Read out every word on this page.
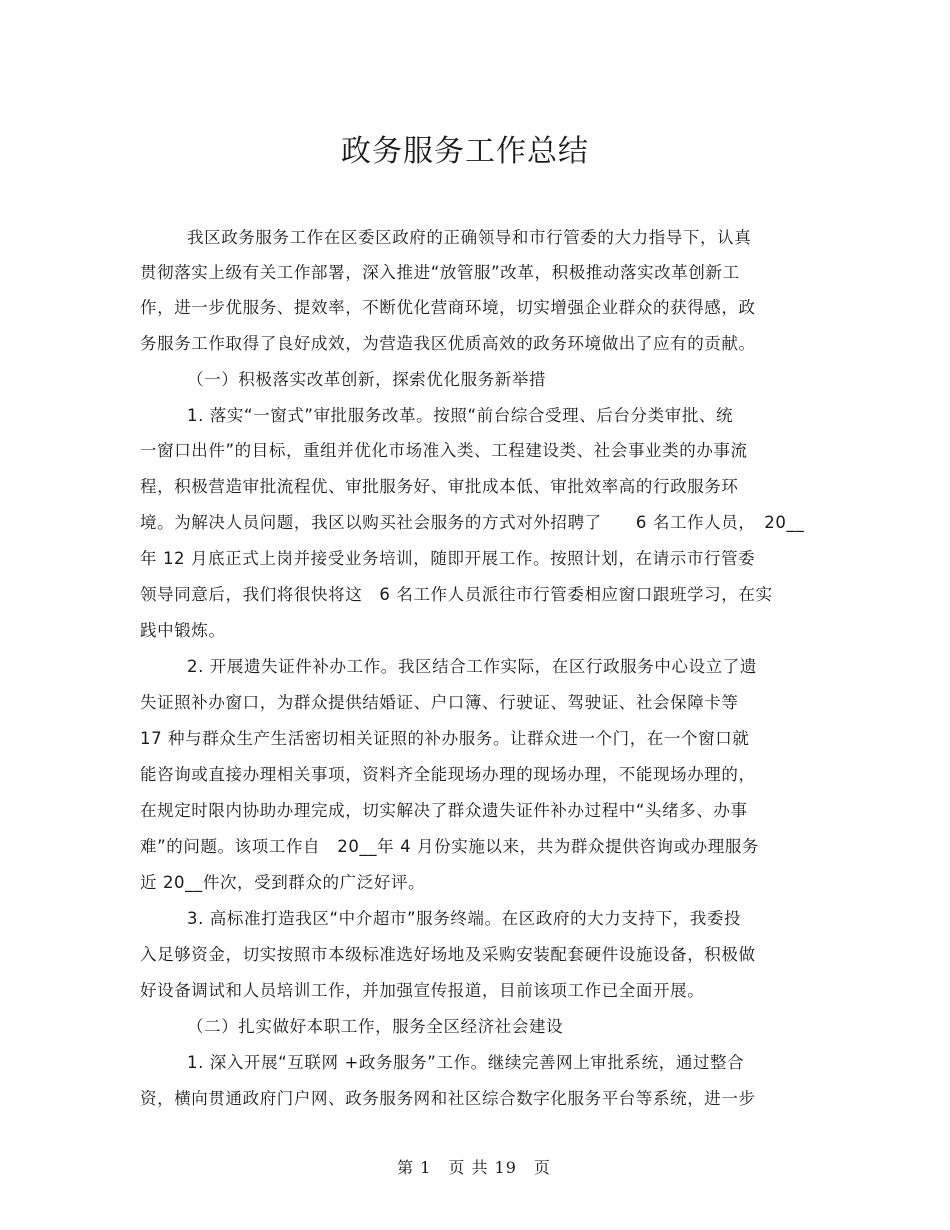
政务服务工作总结
我区政务服务工作在区委区政府的正确领导和市行管委的大力指导下，认真
贯彻落实上级有关工作部署，深入推进“放管服”改革，积极推动落实改革创新工
作，进一步优服务、提效率，不断优化营商环境，切实增强企业群众的获得感，政
务服务工作取得了良好成效，为营造我区优质高效的政务环境做出了应有的贡献。
（一）积极落实改革创新，探索优化服务新举措
1. 落实“一窗式”审批服务改革。按照“前台综合受理、后台分类审批、统
一窗口出件”的目标，重组并优化市场准入类、工程建设类、社会事业类的办事流
程，积极营造审批流程优、审批服务好、审批成本低、审批效率高的行政服务环
境。为解决人员问题，我区以购买社会服务的方式对外招聘了　　6 名工作人员，　20__
年 12 月底正式上岗并接受业务培训，随即开展工作。按照计划，在请示市行管委
领导同意后，我们将很快将这　6 名工作人员派往市行管委相应窗口跟班学习，在实
践中锻炼。
2. 开展遗失证件补办工作。我区结合工作实际，在区行政服务中心设立了遗
失证照补办窗口，为群众提供结婚证、户口簿、行驶证、驾驶证、社会保障卡等
17 种与群众生产生活密切相关证照的补办服务。让群众进一个门，在一个窗口就
能咨询或直接办理相关事项，资料齐全能现场办理的现场办理，不能现场办理的，
在规定时限内协助办理完成，切实解决了群众遗失证件补办过程中“头绪多、办事
难”的问题。该项工作自　20__年 4 月份实施以来，共为群众提供咨询或办理服务
近 20__件次，受到群众的广泛好评。
3. 高标准打造我区“中介超市”服务终端。在区政府的大力支持下，我委投
入足够资金，切实按照市本级标准选好场地及采购安装配套硬件设施设备，积极做
好设备调试和人员培训工作，并加强宣传报道，目前该项工作已全面开展。
（二）扎实做好本职工作，服务全区经济社会建设
1. 深入开展“互联网 +政务服务”工作。继续完善网上审批系统，通过整合
资，横向贯通政府门户网、政务服务网和社区综合数字化服务平台等系统，进一步
第 1　页 共 19　页
